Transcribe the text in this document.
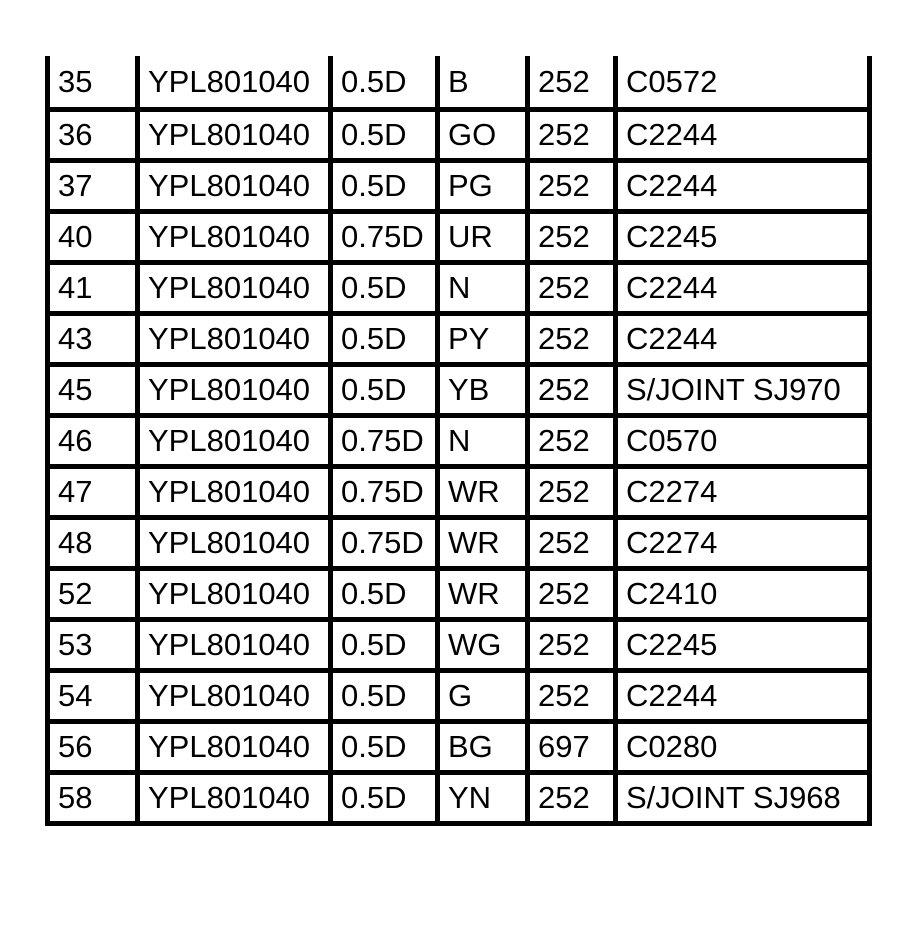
35	YPL801040	0.5D	B	252	C0572
36	YPL801040	0.5D	GO	252	C2244
37	YPL801040	0.5D	PG	252	C2244
40	YPL801040	0.75D	UR	252	C2245
41	YPL801040	0.5D	N	252	C2244
43	YPL801040	0.5D	PY	252	C2244
45	YPL801040	0.5D	YB	252	S/JOINT SJ970
46	YPL801040	0.75D	N	252	C0570
47	YPL801040	0.75D	WR	252	C2274
48	YPL801040	0.75D	WR	252	C2274
52	YPL801040	0.5D	WR	252	C2410
53	YPL801040	0.5D	WG	252	C2245
54	YPL801040	0.5D	G	252	C2244
56	YPL801040	0.5D	BG	697	C0280
58	YPL801040	0.5D	YN	252	S/JOINT SJ968
